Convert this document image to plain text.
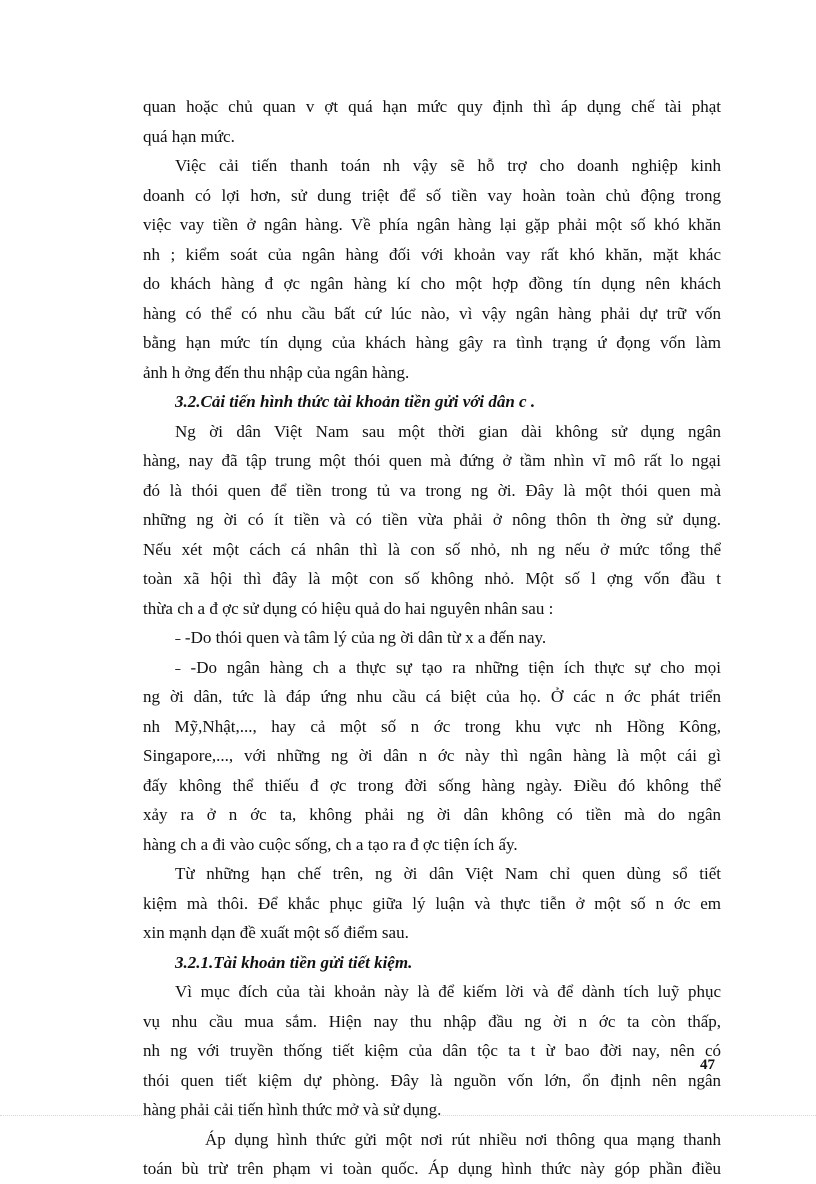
quan hoặc chủ quan v ợt quá hạn mức quy định thì áp dụng chế tài phạt
quá hạn mức.
Việc cải tiến thanh toán nh vậy sẽ hỗ trợ cho doanh nghiệp kinh
doanh có lợi hơn, sử dung triệt để số tiền vay hoàn toàn chủ động trong
việc vay tiền ở ngân hàng. Về phía ngân hàng lại gặp phải một số khó khăn
nh ; kiểm soát của ngân hàng đối với khoản vay rất khó khăn, mặt khác
do khách hàng đ ợc ngân hàng kí cho một hợp đồng tín dụng nên khách
hàng có thể có nhu cầu bất cứ lúc nào, vì vậy ngân hàng phải dự trữ vốn
bằng hạn mức tín dụng của khách hàng gây ra tình trạng ứ đọng vốn làm
ảnh h ởng đến thu nhập của ngân hàng.
3.2.Cải tiến hình thức tài khoản tiền gửi với dân c .
Ng ời dân Việt Nam sau một thời gian dài không sử dụng ngân
hàng, nay đã tập trung một thói quen mà đứng ở tầm nhìn vĩ mô rất lo ngại
đó là thói quen để tiền trong tủ va trong ng ời. Đây là một thói quen mà
những ng ời có ít tiền và có tiền vừa phải ở nông thôn th ờng sử dụng.
Nếu xét một cách cá nhân thì là con số nhỏ, nh ng nếu ở mức tổng thể
toàn xã hội thì đây là một con số không nhỏ. Một số l ợng vốn đầu t
thừa ch a đ ợc sử dụng có hiệu quả do hai nguyên nhân sau :
˗ -Do thói quen và tâm lý của ng ời dân từ x a đến nay.
˗ -Do ngân hàng ch a thực sự tạo ra những tiện ích thực sự cho mọi
ng ời dân, tức là đáp ứng nhu cầu cá biệt của họ. Ở các n ớc phát triển
nh Mỹ,Nhật,..., hay cả một số n ớc trong khu vực nh Hồng Kông,
Singapore,..., với những ng ời dân n ớc này thì ngân hàng là một cái gì
đấy không thể thiếu đ ợc trong đời sống hàng ngày. Điều đó không thể
xảy ra ở n ớc ta, không phải ng ời dân không có tiền mà do ngân
hàng ch a đi vào cuộc sống, ch a tạo ra đ ợc tiện ích ấy.
Từ những hạn chế trên, ng ời dân Việt Nam chỉ quen dùng sổ tiết
kiệm mà thôi. Để khắc phục giữa lý luận và thực tiễn ở một số n ớc em
xin mạnh dạn đề xuất một số điểm sau.
3.2.1.Tài khoản tiền gửi tiết kiệm.
Vì mục đích của tài khoản này là để kiếm lời và để dành tích luỹ phục
vụ nhu cầu mua sắm. Hiện nay thu nhập đầu ng ời n ớc ta còn thấp,
nh ng với truyền thống tiết kiệm của dân tộc ta t ừ bao đời nay, nên có
thói quen tiết kiệm dự phòng. Đây là nguồn vốn lớn, ổn định nên ngân
hàng phải cải tiến hình thức mở và sử dụng.
Áp dụng hình thức gửi một nơi rút nhiều nơi thông qua mạng thanh
toán bù trừ trên phạm vi toàn quốc. Áp dụng hình thức này góp phần điều
47
